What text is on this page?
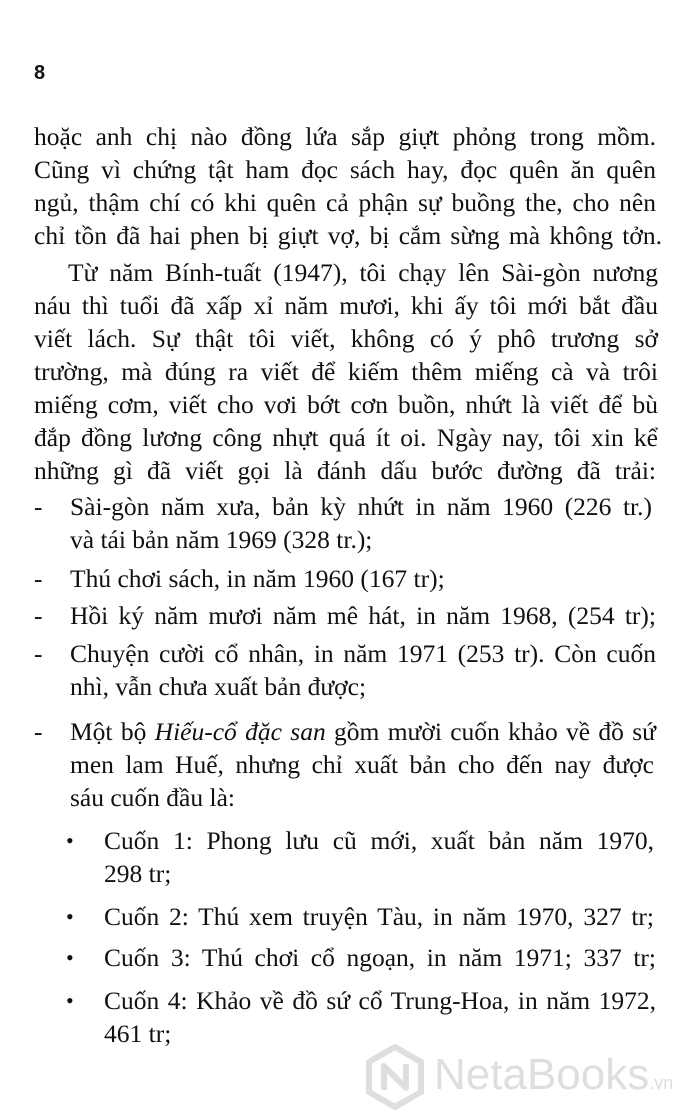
8
hoặc anh chị nào đồng lứa sắp giựt phỏng trong mồm.
Cũng vì chứng tật ham đọc sách hay, đọc quên ăn quên
ngủ, thậm chí có khi quên cả phận sự buồng the, cho nên
chỉ tồn đã hai phen bị giựt vợ, bị cắm sừng mà không tởn.
Từ năm Bính-tuất (1947), tôi chạy lên Sài-gòn nương
náu thì tuổi đã xấp xỉ năm mươi, khi ấy tôi mới bắt đầu
viết lách. Sự thật tôi viết, không có ý phô trương sở
trường, mà đúng ra viết để kiếm thêm miếng cà và trôi
miếng cơm, viết cho vơi bớt cơn buồn, nhứt là viết để bù
đắp đồng lương công nhựt quá ít oi. Ngày nay, tôi xin kể
những gì đã viết gọi là đánh dấu bước đường đã trải:
- Sài-gòn năm xưa, bản kỳ nhứt in năm 1960 (226 tr.)
và tái bản năm 1969 (328 tr.);
- Thú chơi sách, in năm 1960 (167 tr);
- Hồi ký năm mươi năm mê hát, in năm 1968, (254 tr);
- Chuyện cười cổ nhân, in năm 1971 (253 tr). Còn cuốn
nhì, vẫn chưa xuất bản được;
- Một bộ Hiếu-cổ đặc san gồm mười cuốn khảo về đồ sứ
men lam Huế, nhưng chỉ xuất bản cho đến nay được
sáu cuốn đầu là:
• Cuốn 1: Phong lưu cũ mới, xuất bản năm 1970,
298 tr;
• Cuốn 2: Thú xem truyện Tàu, in năm 1970, 327 tr;
• Cuốn 3: Thú chơi cổ ngoạn, in năm 1971; 337 tr;
• Cuốn 4: Khảo về đồ sứ cổ Trung-Hoa, in năm 1972,
461 tr;
NetaBooks.vn
